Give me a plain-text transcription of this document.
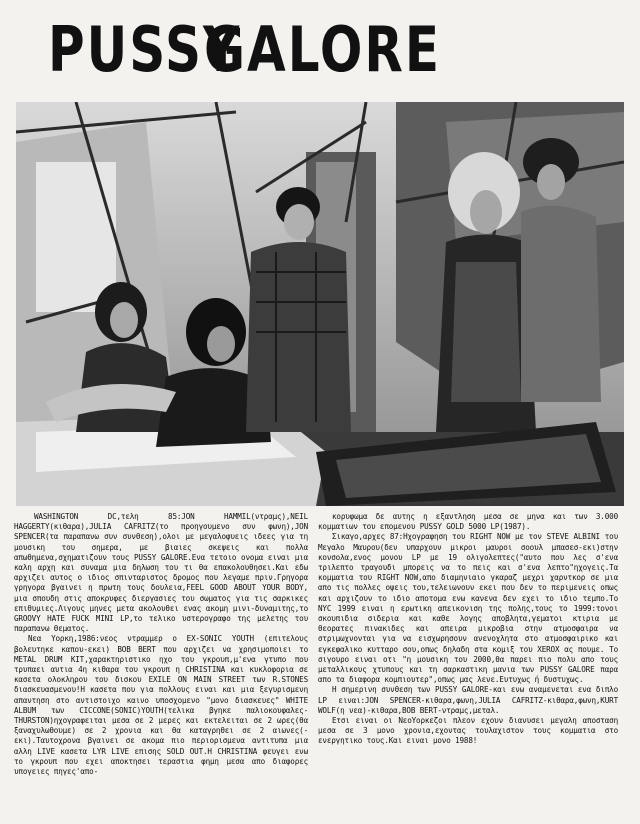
PUSSY
GALORE

WASHINGTON DC,τελη 85:JON HAMMIL(ντραμς),NEIL HAGGERTY(κιθαρα),JULIA CAFRITZ(το προηγουμενο συν φωνη),JON SPENCER(τα παραπανω συν συνθεση),ολοι με μεγαλοφυεις ιδεες για τη μουσικη του σημερα, με βιαιες σκεψεις και πολλα απωθημενα,σχηματιζουν τους PUSSY GALORE.Ενα τετοιο ονομα ειναι μια καλη αρχη και συναμα μια δηλωση του τι θα επακολουθησει.Και εδω αρχιζει αυτος ο ιδιος σπινταριστος δρομος που λεγαμε πριν.Γρηγορα γρηγορα βγαινει η πρωτη τους δουλεια,FEEL GOOD ABOUT YOUR BODY, μια σπουδη στις αποκρυφες διεργασιες του σωματος για τις σαρκικες επιθυμιες.Λιγους μηνες μετα ακολουθει ενας ακομη μινι-δυναμιτης,το GROOVY HATE FUCK MINI LP,το τελικο υστερογραφο της μελετης του παραπανω θεματος.

Νεα Υορκη,1986:νεος ντραμμερ ο EX-SONIC YOUTH (επιτελους βολευτηκε καπου-εκει) BOB BERT που αρχιζει να χρησιμοποιει το METAL DRUM KIT,χαρακτηριστικο ηχο του γκρουπ,μ'ενα γτυπο που τρυπαει αυτια 4η κιθαρα του γκρουπ η CHRISTINA και κυκλοφορια σε κασετα ολοκληρου του δισκου EXILE ON MAIN STREET των R.STONES διασκευασμενου!Η κασετα που για πολλους ειναι και μια ξεγυρισμενη απαντηση στο αντιστοιχο καινο υποσχομενο "μονο διασκευες" WHITE ALBUM των CICCONE(SONIC)YOUTH(τελικα βγηκε παλιοκουφαλες-THURSTON)ηχογραφειται μεσα σε 2 μερες και εκτελειται σε 2 ωρες(θα ξαναχυλωθουμε) σε 2 χρονια και θα καταγρηθει σε 2 αιωνες(-εκι).Ταυτοχρονα βγαινει σε ακομα πιο περιορισμενα αντιτυπα μια αλλη LIVE κασετα LYR LIVE επισης SOLD OUT.Η CHRISTINA φευγει ενω το γκρουπ που εχει αποκτησει τεραστια φημη μεσα απο διαφορες υπογειες πηγες'απο-

κορυφωμα δε αυτης η εξαντληση μεσα σε μηνα και των 3.000 κομματιων του επομενου PUSSY GOLD 5000 LP(1987).

Σικαγο,αρχες 87:Ηχογραφηση του RIGHT NOW με τον STEVE ALBINI του Μεγαλο Μαυρου(δεν υπαρχουν μικροι μαυροι σοουλ μπασεσ-εκι)στην κονσολα,ενος μονου LP με 19 ολιγολεπτες("αυτο που λες σ'ενα τριλεπτο τραγουδι μπορεις να το πεις και σ'ενα λεπτο"ηχογεις.Τα κομματια του RIGHT NOW,απο διαμηνιαιο γκαραζ μεχρι χαρντκορ σε μια απο τις πολλες οψεις του,τελειωνουν εκει που δεν το περιμενεις οπως και αρχιζουν το ιδιο αποτομα ενω κανενα δεν εχει το ιδιο τεμπο.Το NYC 1999 ειναι η ερωτικη απεικονιση της πολης,τους το 1999:τονοι σκουπιδια σιδερια και καθε λογης αποβλητα,γεματοι κτιρια με θεορατες πινακιδες και απειρα μικροβια στην ατμοσφαιρα να στριμωχνονται για να εισχωρησουν ανενοχλητα στο ατμοσφαιρικο και εγκεφαλικο κυτταρο σου,οπως δηλαδη στα κομιξ του XEROX ας πουμε. Το σιγουρο ειναι οτι "η μουσικη του 2000,θα παρει πιο πολυ απο τους μεταλλικους χτυπους και τη σαρκαστικη μανια των PUSSY GALORE παρα απο τα διαφορα κομπιουτερ",οπως μας λενε.Ευτυχως ή δυστυχως.

Η σημερινη συνθεση των PUSSY GALORE-και ενω αναμενεται ενα διπλο LP ειναι:JON SPENCER-κιθαρα,φωνη,JULIA CAFRITZ-κιθαρα,φωνη,KURT WOLF(η νεα)-κιθαρα,BOB BERT-ντραμς,μεταλ.

Ετσι ειναι οι ΝεοΥορκεζοι πλεον εχουν διανυσει μεγαλη αποσταση μεσα σε 3 μονο χρονια,εχοντας τουλαχιστον τους κομματια στο ενεργητικο τους.Και ειναι μονο 1988!
